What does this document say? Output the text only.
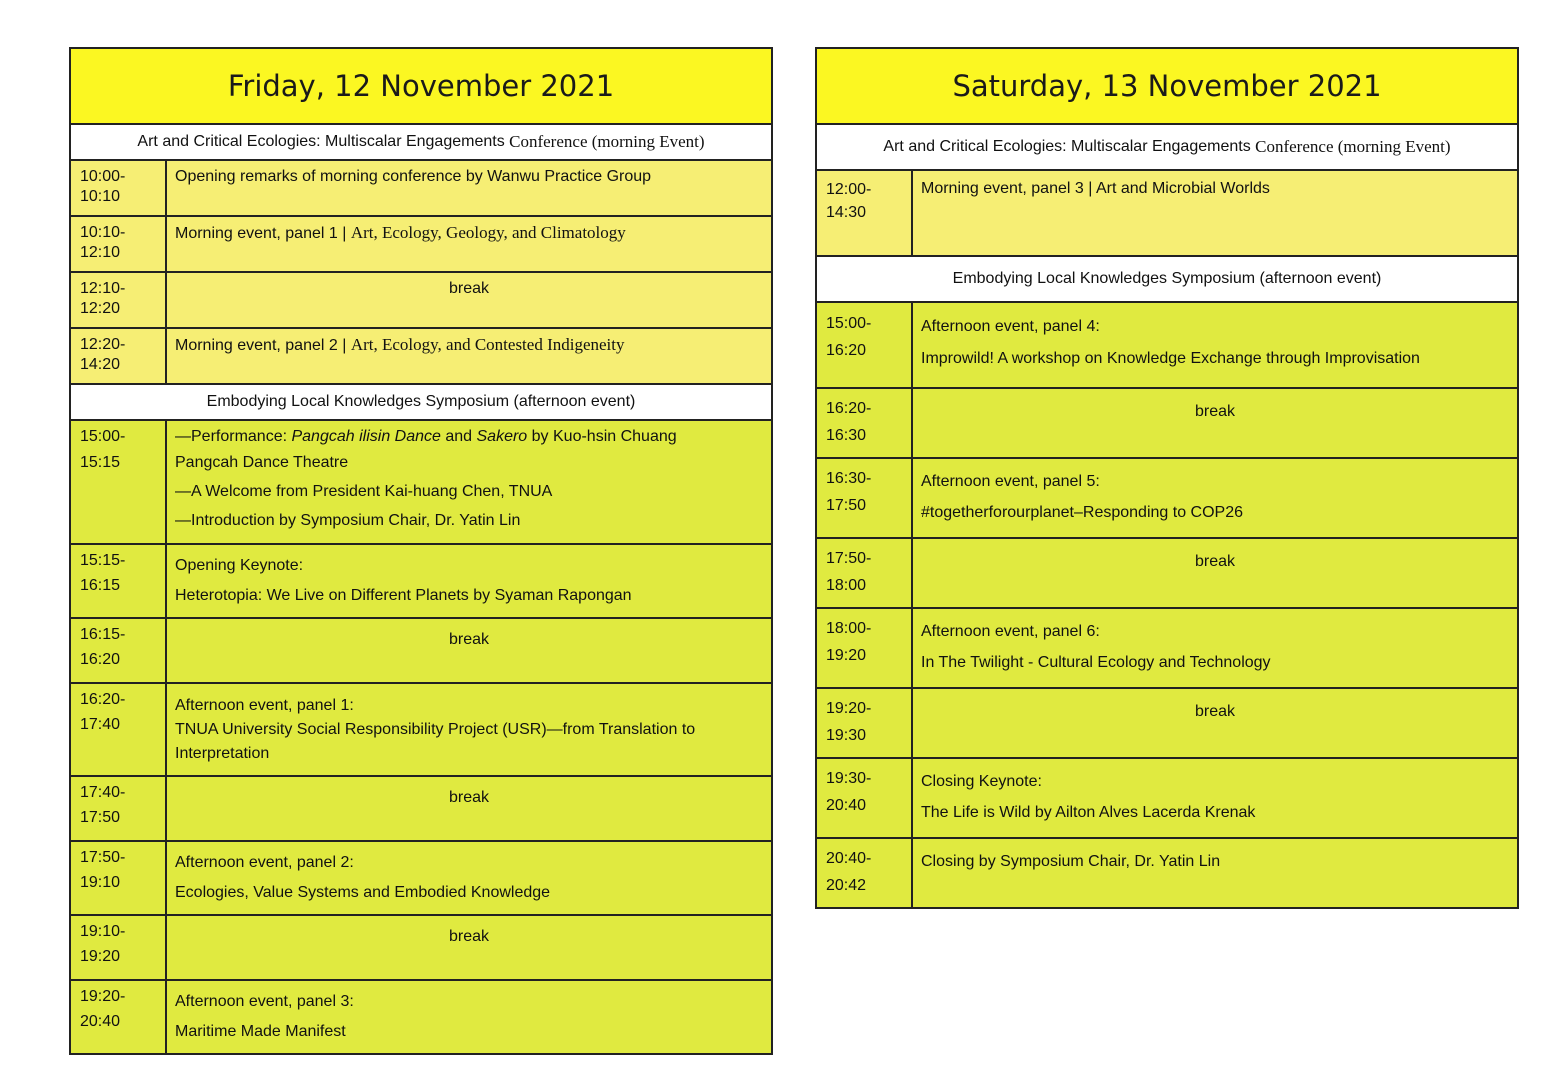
Friday, 12 November 2021
Art and Critical Ecologies: Multiscalar Engagements Conference (morning Event)
10:00-
10:10

Opening remarks of morning conference by Wanwu Practice Group

10:10-
12:10

Morning event, panel 1 | Art, Ecology, Geology, and Climatology

12:10-
12:20

break

12:20-
14:20

Morning event, panel 2 | Art, Ecology, and Contested Indigeneity

Embodying Local Knowledges Symposium (afternoon event)
15:00-
15:15

—Performance: Pangcah ilisin Dance and Sakero by Kuo-hsin Chuang

Pangcah Dance Theatre

—A Welcome from President Kai-huang Chen, TNUA

—Introduction by Symposium Chair, Dr. Yatin Lin

15:15-
16:15

Opening Keynote:

Heterotopia: We Live on Different Planets by Syaman Rapongan

16:15-
16:20

break

16:20-
17:40

Afternoon event, panel 1:

TNUA University Social Responsibility Project (USR)—from Translation to

Interpretation

17:40-
17:50

break

17:50-
19:10

Afternoon event, panel 2:

Ecologies, Value Systems and Embodied Knowledge

19:10-
19:20

break

19:20-
20:40

Afternoon event, panel 3:

Maritime Made Manifest

Saturday, 13 November 2021
Art and Critical Ecologies: Multiscalar Engagements Conference (morning Event)
12:00-
14:30

Morning event, panel 3 | Art and Microbial Worlds

Embodying Local Knowledges Symposium (afternoon event)
15:00-
16:20

Afternoon event, panel 4:

Improwild! A workshop on Knowledge Exchange through Improvisation

16:20-
16:30

break

16:30-
17:50

Afternoon event, panel 5:

#togetherforourplanet–Responding to COP26

17:50-
18:00

break

18:00-
19:20

Afternoon event, panel 6:

In The Twilight - Cultural Ecology and Technology

19:20-
19:30

break

19:30-
20:40

Closing Keynote:

The Life is Wild by Ailton Alves Lacerda Krenak

20:40-
20:42

Closing by Symposium Chair, Dr. Yatin Lin
